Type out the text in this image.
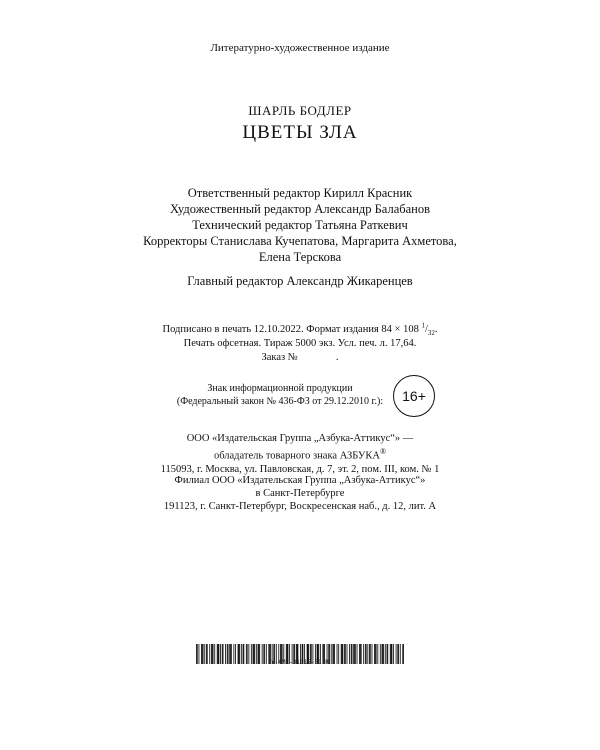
Литературно-художественное издание
ШАРЛЬ БОДЛЕР
ЦВЕТЫ ЗЛА
Ответственный редактор Кирилл Красник
Художественный редактор Александр Балабанов
Технический редактор Татьяна Раткевич
Корректоры Станислава Кучепатова, Маргарита Ахметова,
Елена Терскова
Главный редактор Александр Жикаренцев
Подписано в печать 12.10.2022. Формат издания 84 × 108 $^1/_{32}$.
Печать офсетная. Тираж 5000 экз. Усл. печ. л. 17,64.
Заказ №	.
Знак информационной продукции
(Федеральный закон № 436-ФЗ от 29.12.2010 г.):	16+
ООО «Издательская Группа „Азбука-Аттикус“» —
обладатель товарного знака АЗБУКА®
115093, г. Москва, ул. Павловская, д. 7, эт. 2, пом. III, ком. № 1
Филиал ООО «Издательская Группа „Азбука-Аттикус“»
в Санкт-Петербурге
191123, г. Санкт-Петербург, Воскресенская наб., д. 12, лит. А
Y-AMC-31015-01-R
